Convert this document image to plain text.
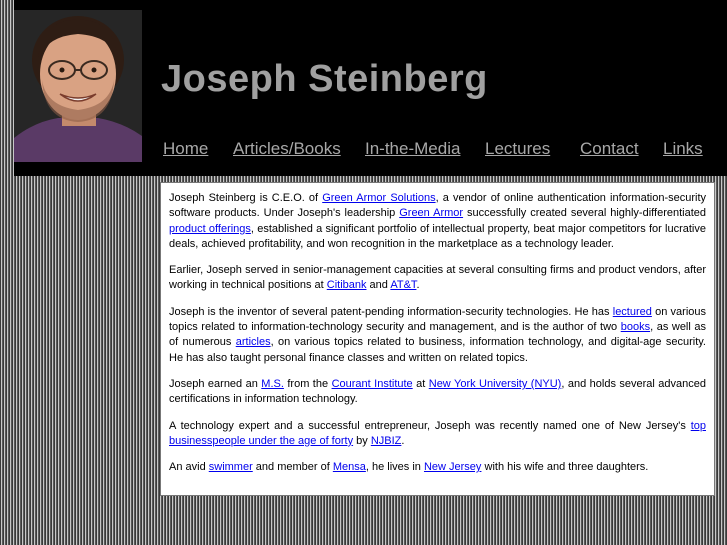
Joseph Steinberg
Home Articles/Books In-the-Media Lectures Contact Links

Joseph Steinberg is C.E.O. of Green Armor Solutions, a vendor of online authentication information-security software products. Under Joseph's leadership Green Armor successfully created several highly-differentiated product offerings, established a significant portfolio of intellectual property, beat major competitors for lucrative deals, achieved profitability, and won recognition in the marketplace as a technology leader.

Earlier, Joseph served in senior-management capacities at several consulting firms and product vendors, after working in technical positions at Citibank and AT&T.

Joseph is the inventor of several patent-pending information-security technologies. He has lectured on various topics related to information-technology security and management, and is the author of two books, as well as of numerous articles, on various topics related to business, information technology, and digital-age security. He has also taught personal finance classes and written on related topics.

Joseph earned an M.S. from the Courant Institute at New York University (NYU), and holds several advanced certifications in information technology.

A technology expert and a successful entrepreneur, Joseph was recently named one of New Jersey's top businesspeople under the age of forty by NJBIZ.

An avid swimmer and member of Mensa, he lives in New Jersey with his wife and three daughters.
